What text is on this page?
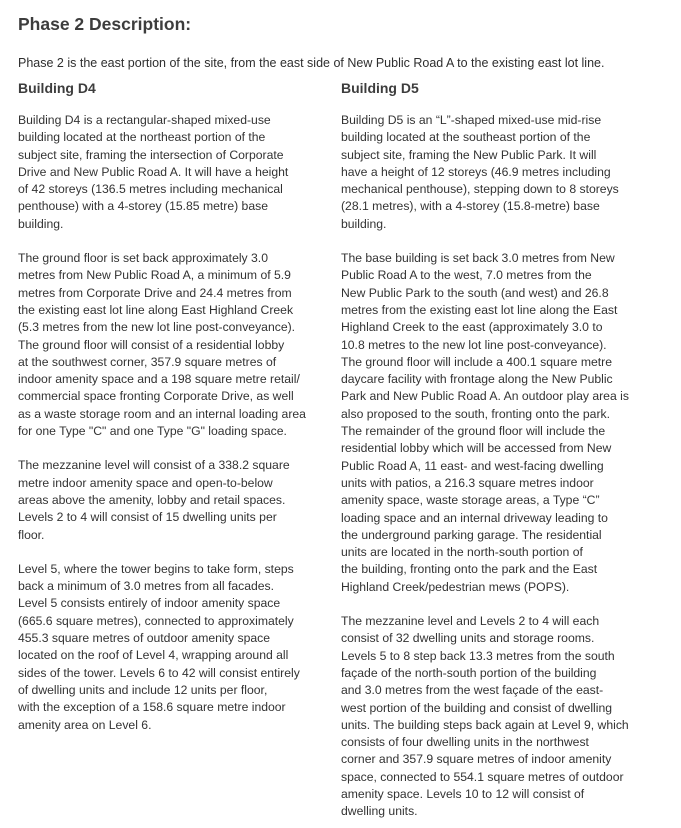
Phase 2 Description:

Phase 2 is the east portion of the site, from the east side of New Public Road A to the existing east lot line.

Building D4

Building D4 is a rectangular-shaped mixed-use
building located at the northeast portion of the
subject site, framing the intersection of Corporate
Drive and New Public Road A. It will have a height
of 42 storeys (136.5 metres including mechanical
penthouse) with a 4-storey (15.85 metre) base
building.

The ground floor is set back approximately 3.0
metres from New Public Road A, a minimum of 5.9
metres from Corporate Drive and 24.4 metres from
the existing east lot line along East Highland Creek
(5.3 metres from the new lot line post-conveyance).
The ground floor will consist of a residential lobby
at the southwest corner, 357.9 square metres of
indoor amenity space and a 198 square metre retail/
commercial space fronting Corporate Drive, as well
as a waste storage room and an internal loading area
for one Type "C" and one Type "G" loading space.

The mezzanine level will consist of a 338.2 square
metre indoor amenity space and open-to-below
areas above the amenity, lobby and retail spaces.
Levels 2 to 4 will consist of 15 dwelling units per
floor.

Level 5, where the tower begins to take form, steps
back a minimum of 3.0 metres from all facades.
Level 5 consists entirely of indoor amenity space
(665.6 square metres), connected to approximately
455.3 square metres of outdoor amenity space
located on the roof of Level 4, wrapping around all
sides of the tower. Levels 6 to 42 will consist entirely
of dwelling units and include 12 units per floor,
with the exception of a 158.6 square metre indoor
amenity area on Level 6.

Building D5

Building D5 is an “L”-shaped mixed-use mid-rise
building located at the southeast portion of the
subject site, framing the New Public Park. It will
have a height of 12 storeys (46.9 metres including
mechanical penthouse), stepping down to 8 storeys
(28.1 metres), with a 4-storey (15.8-metre) base
building.

The base building is set back 3.0 metres from New
Public Road A to the west, 7.0 metres from the
New Public Park to the south (and west) and 26.8
metres from the existing east lot line along the East
Highland Creek to the east (approximately 3.0 to
10.8 metres to the new lot line post-conveyance).
The ground floor will include a 400.1 square metre
daycare facility with frontage along the New Public
Park and New Public Road A. An outdoor play area is
also proposed to the south, fronting onto the park.
The remainder of the ground floor will include the
residential lobby which will be accessed from New
Public Road A, 11 east- and west-facing dwelling
units with patios, a 216.3 square metres indoor
amenity space, waste storage areas, a Type “C”
loading space and an internal driveway leading to
the underground parking garage. The residential
units are located in the north-south portion of
the building, fronting onto the park and the East
Highland Creek/pedestrian mews (POPS).

The mezzanine level and Levels 2 to 4 will each
consist of 32 dwelling units and storage rooms.
Levels 5 to 8 step back 13.3 metres from the south
façade of the north-south portion of the building
and 3.0 metres from the west façade of the east-
west portion of the building and consist of dwelling
units. The building steps back again at Level 9, which
consists of four dwelling units in the northwest
corner and 357.9 square metres of indoor amenity
space, connected to 554.1 square metres of outdoor
amenity space. Levels 10 to 12 will consist of
dwelling units.
